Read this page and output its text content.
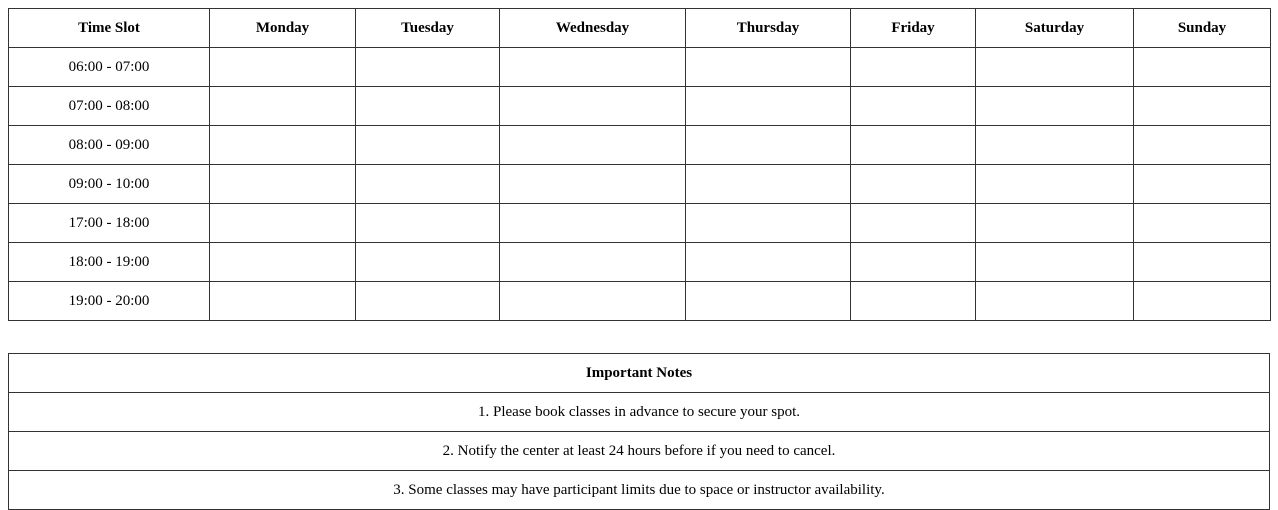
Time Slot	Monday	Tuesday	Wednesday	Thursday	Friday	Saturday	Sunday
06:00 - 07:00							
07:00 - 08:00							
08:00 - 09:00							
09:00 - 10:00							
17:00 - 18:00							
18:00 - 19:00							
19:00 - 20:00							
Important Notes
1. Please book classes in advance to secure your spot.
2. Notify the center at least 24 hours before if you need to cancel.
3. Some classes may have participant limits due to space or instructor availability.
